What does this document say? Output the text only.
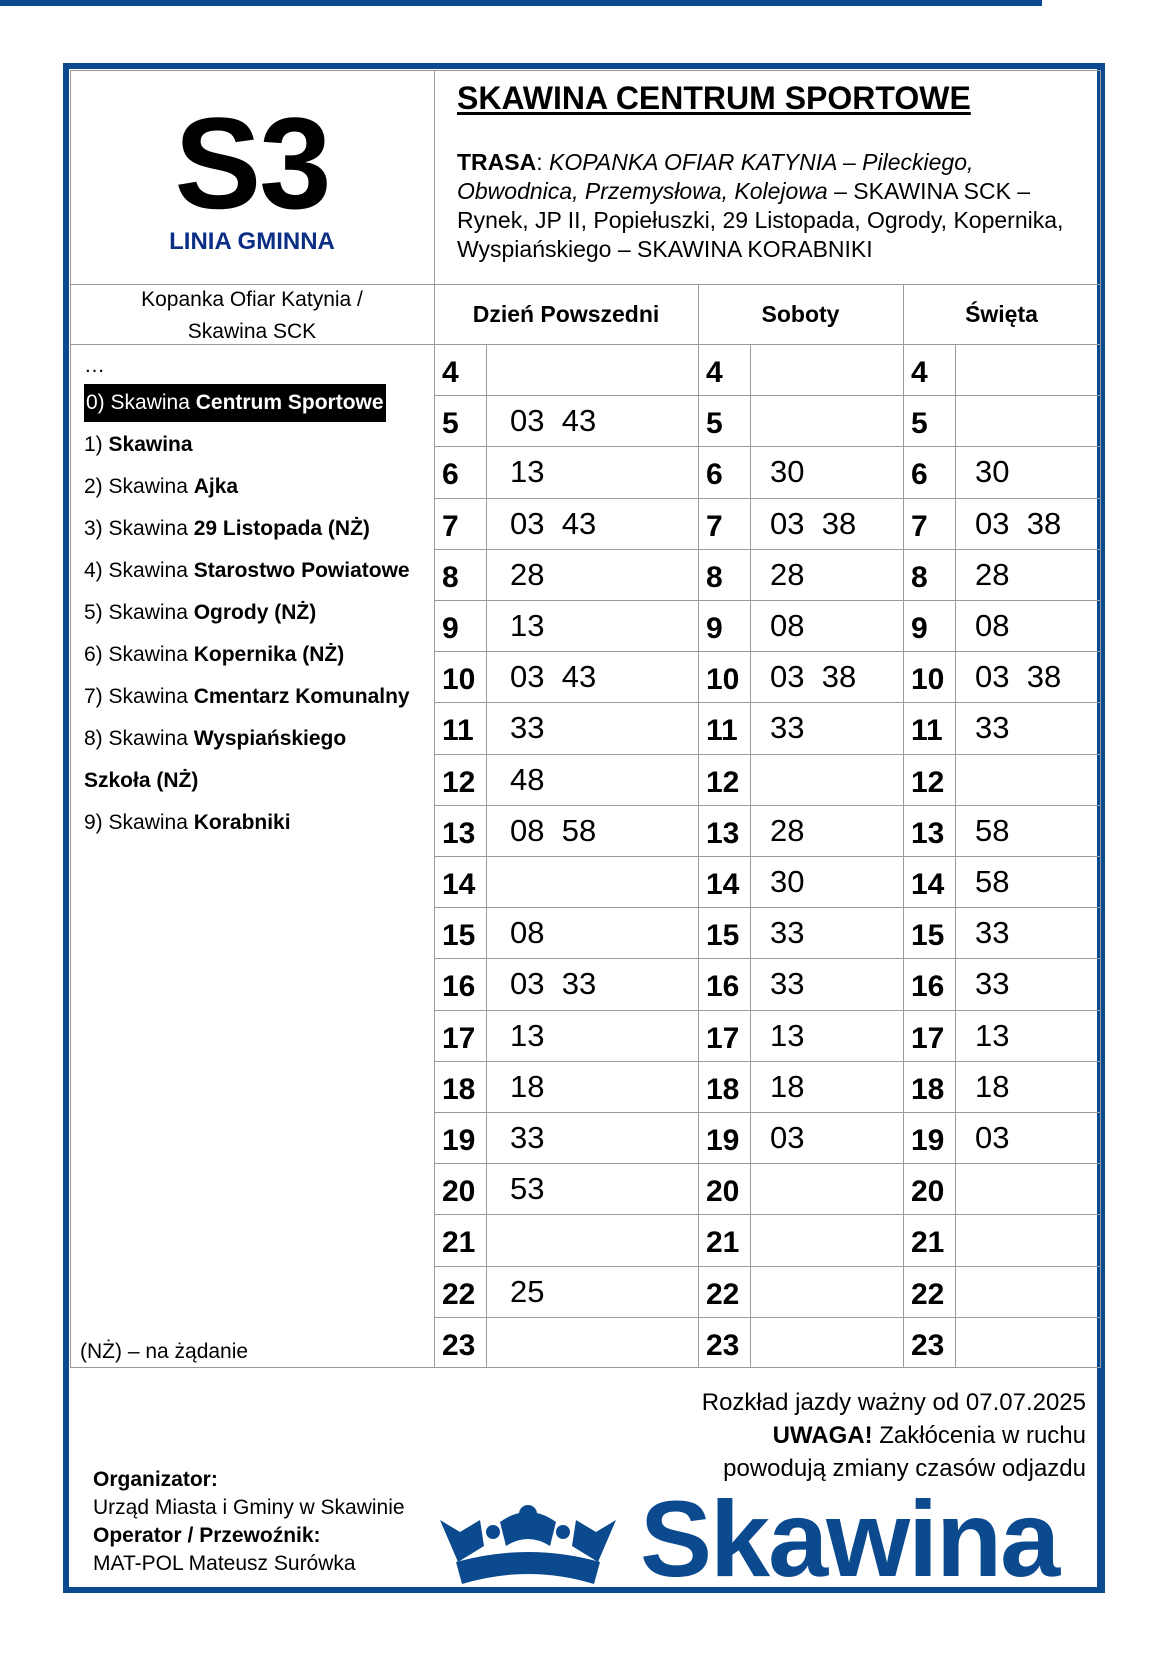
S3
LINIA GMINNA
SKAWINA CENTRUM SPORTOWE
TRASA: KOPANKA OFIAR KATYNIA – Pileckiego, Obwodnica, Przemysłowa, Kolejowa – SKAWINA SCK – Rynek, JP II, Popiełuszki, 29 Listopada, Ogrody, Kopernika, Wyspiańskiego – SKAWINA KORABNIKI
Kopanka Ofiar Katynia /
Skawina SCK
Dzień Powszedni	Soboty	Święta
…
0) Skawina Centrum Sportowe
1) Skawina
2) Skawina Ajka
3) Skawina 29 Listopada (NŻ)
4) Skawina Starostwo Powiatowe
5) Skawina Ogrody (NŻ)
6) Skawina Kopernika (NŻ)
7) Skawina Cmentarz Komunalny
8) Skawina Wyspiańskiego
Szkoła (NŻ)
9) Skawina Korabniki
(NŻ) – na żądanie
4	4	4
5	03  43	5	5
6	13	6	30	6	30
7	03  43	7	03  38 7	03  38
8	28	8	28	8	28
9	13	9	08	9	08
10 03  43	10 03  38 10 03  38
11 33	11 33	11 33
12 48	12	12
13 08  58	13 28	13 58
14	14 30	14 58
15 08	15 33	15 33
16 03  33	16 33	16 33
17 13	17 13	17 13
18 18	18 18	18 18
19 33	19 03	19 03
20 53	20	20
21	21	21
22 25	22	22
23	23	23
Rozkład jazdy ważny od 07.07.2025
UWAGA! Zakłócenia w ruchu
powodują zmiany czasów odjazdu
Organizator:
Urząd Miasta i Gminy w Skawinie
Operator / Przewoźnik:
MAT-POL Mateusz Surówka	Skawina
